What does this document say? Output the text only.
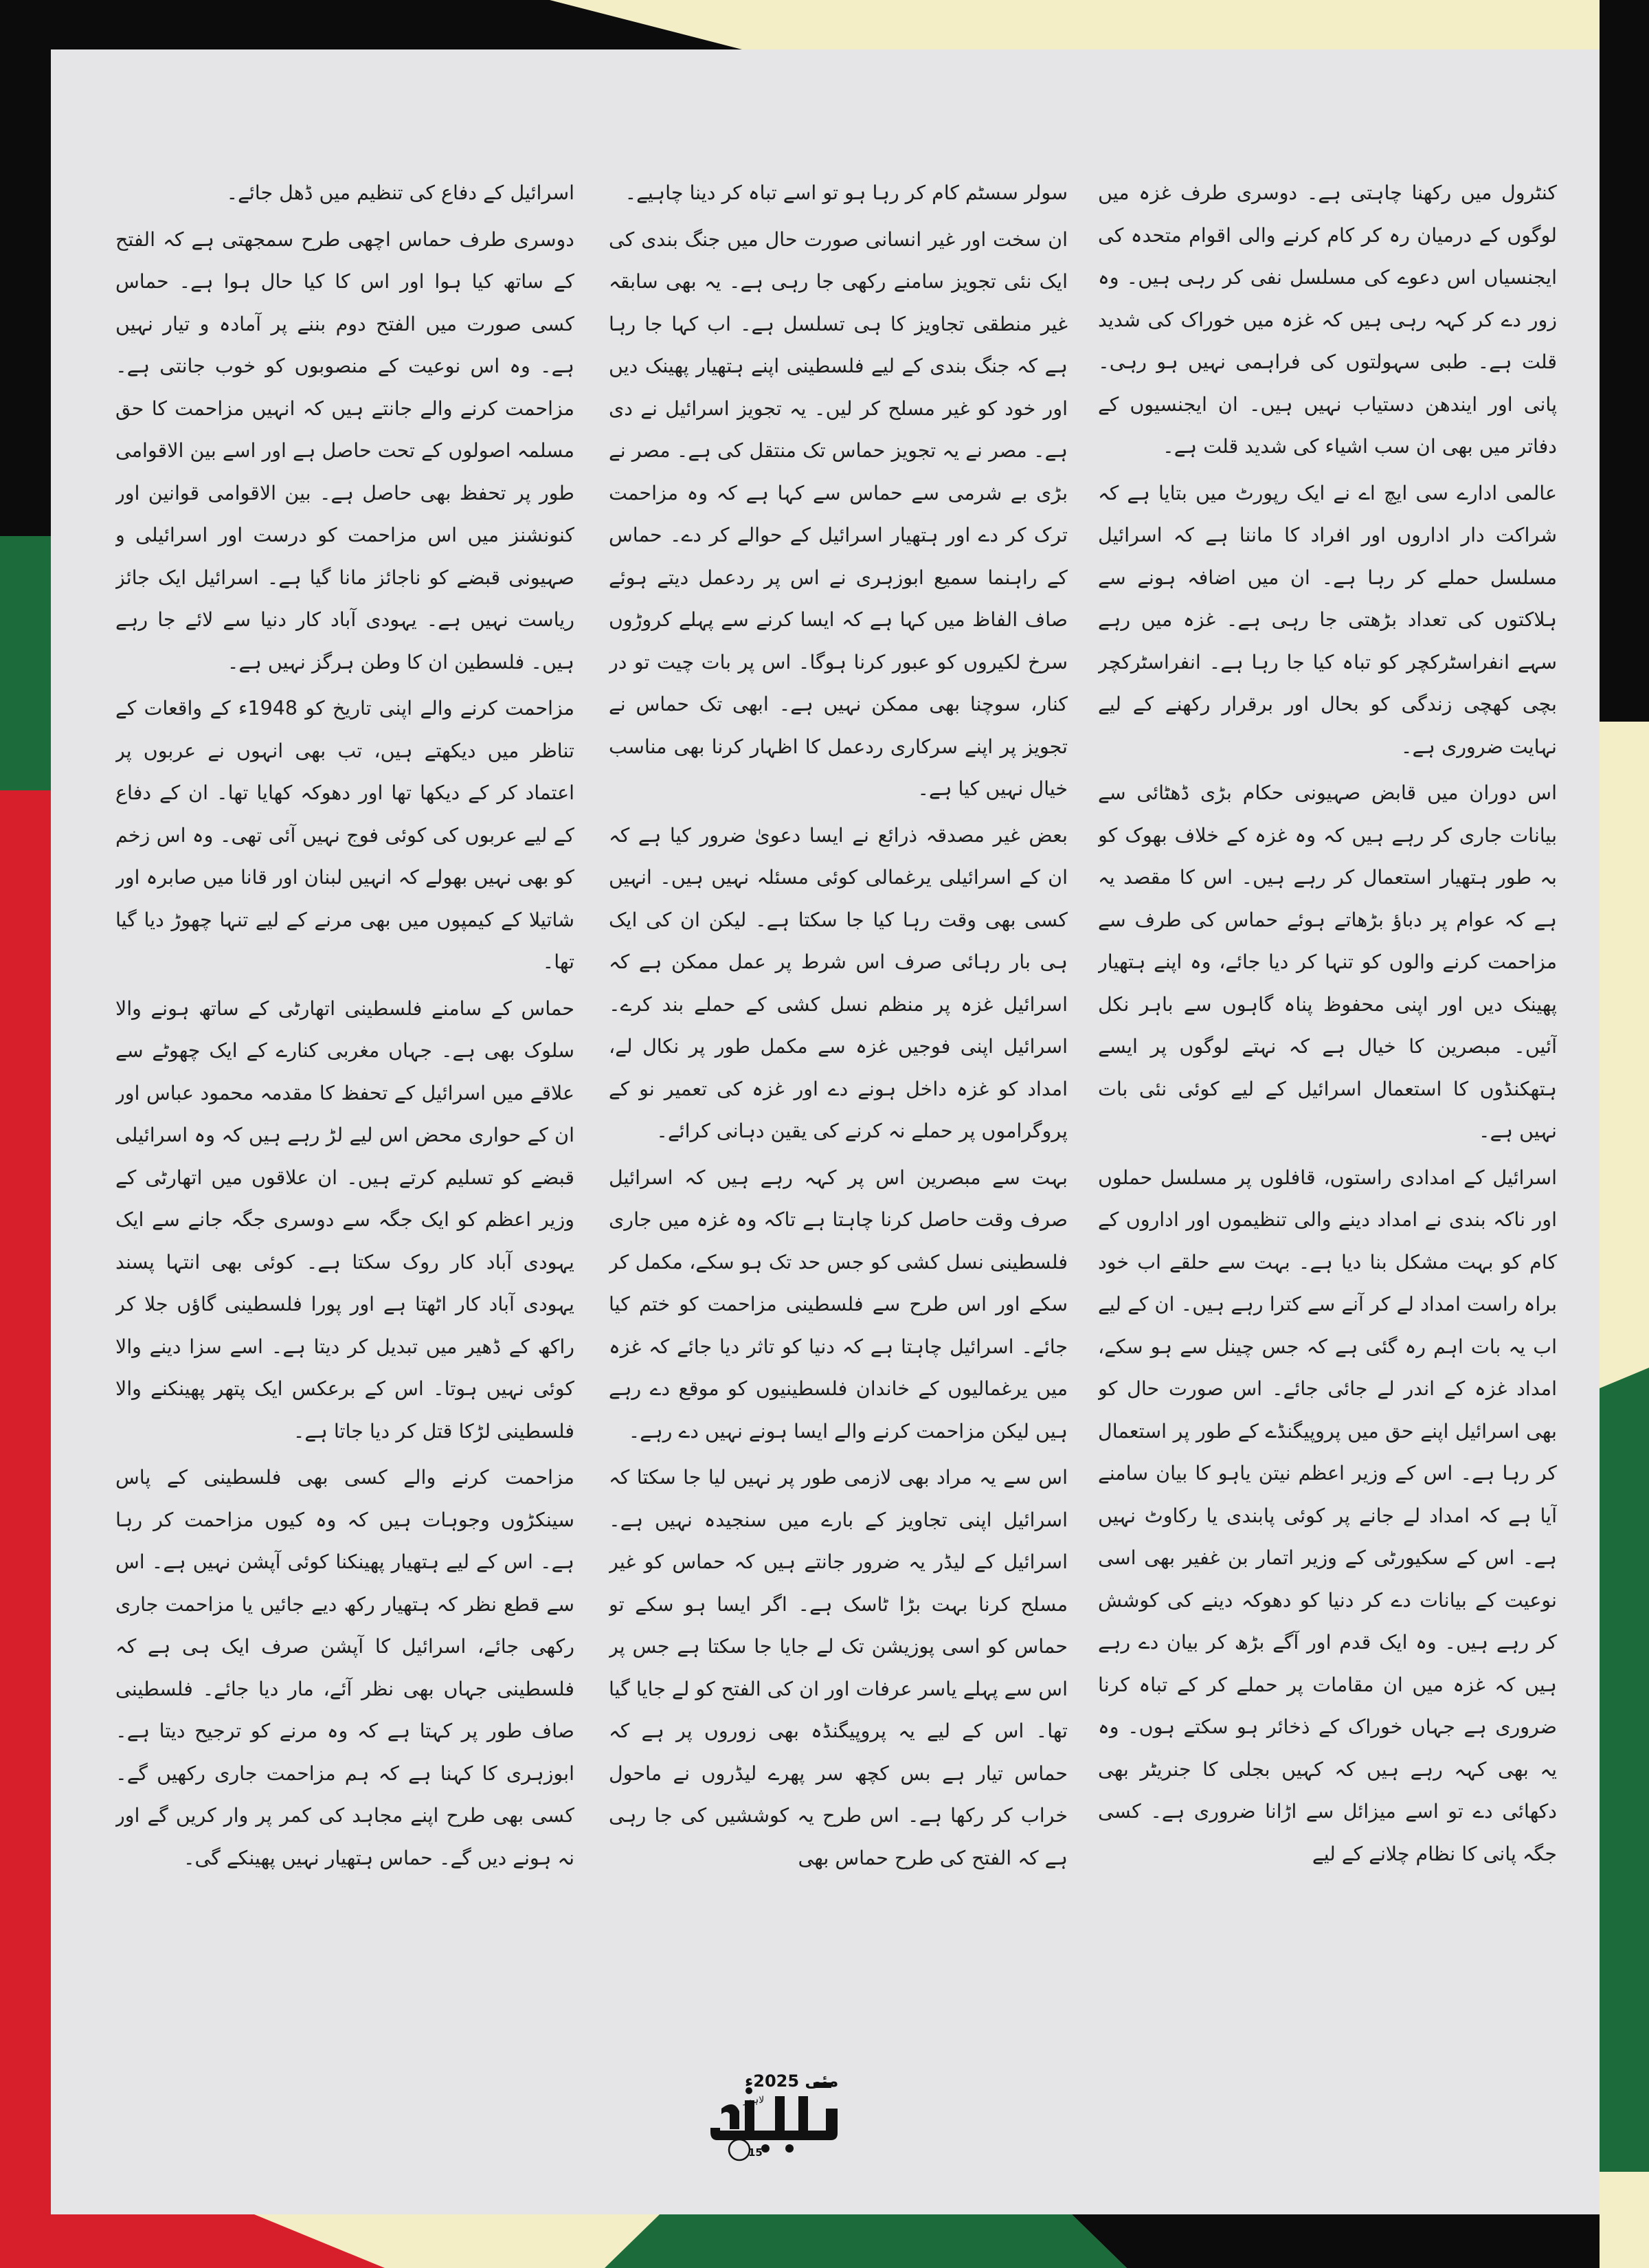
کنٹرول میں رکھنا چاہتی ہے۔ دوسری طرف غزہ میں لوگوں کے درمیان رہ کر کام کرنے والی اقوام متحدہ کی ایجنسیاں اس دعوے کی مسلسل نفی کر رہی ہیں۔ وہ زور دے کر کہہ رہی ہیں کہ غزہ میں خوراک کی شدید قلت ہے۔ طبی سہولتوں کی فراہمی نہیں ہو رہی۔ پانی اور ایندھن دستیاب نہیں ہیں۔ ان ایجنسیوں کے دفاتر میں بھی ان سب اشیاء کی شدید قلت ہے۔

عالمی ادارے سی ایچ اے نے ایک رپورٹ میں بتایا ہے کہ شراکت دار اداروں اور افراد کا ماننا ہے کہ اسرائیل مسلسل حملے کر رہا ہے۔ ان میں اضافہ ہونے سے ہلاکتوں کی تعداد بڑھتی جا رہی ہے۔ غزہ میں رہے سہے انفراسٹرکچر کو تباہ کیا جا رہا ہے۔ انفراسٹرکچر بچی کھچی زندگی کو بحال اور برقرار رکھنے کے لیے نہایت ضروری ہے۔

اس دوران میں قابض صہیونی حکام بڑی ڈھٹائی سے بیانات جاری کر رہے ہیں کہ وہ غزہ کے خلاف بھوک کو بہ طور ہتھیار استعمال کر رہے ہیں۔ اس کا مقصد یہ ہے کہ عوام پر دباؤ بڑھاتے ہوئے حماس کی طرف سے مزاحمت کرنے والوں کو تنہا کر دیا جائے، وہ اپنے ہتھیار پھینک دیں اور اپنی محفوظ پناہ گاہوں سے باہر نکل آئیں۔ مبصرین کا خیال ہے کہ نہتے لوگوں پر ایسے ہتھکنڈوں کا استعمال اسرائیل کے لیے کوئی نئی بات نہیں ہے۔

اسرائیل کے امدادی راستوں، قافلوں پر مسلسل حملوں اور ناکہ بندی نے امداد دینے والی تنظیموں اور اداروں کے کام کو بہت مشکل بنا دیا ہے۔ بہت سے حلقے اب خود براہ راست امداد لے کر آنے سے کترا رہے ہیں۔ ان کے لیے اب یہ بات اہم رہ گئی ہے کہ جس چینل سے ہو سکے، امداد غزہ کے اندر لے جائی جائے۔ اس صورت حال کو بھی اسرائیل اپنے حق میں پروپیگنڈے کے طور پر استعمال کر رہا ہے۔ اس کے وزیر اعظم نیتن یاہو کا بیان سامنے آیا ہے کہ امداد لے جانے پر کوئی پابندی یا رکاوٹ نہیں ہے۔ اس کے سکیورٹی کے وزیر اتمار بن غفیر بھی اسی نوعیت کے بیانات دے کر دنیا کو دھوکہ دینے کی کوشش کر رہے ہیں۔ وہ ایک قدم اور آگے بڑھ کر بیان دے رہے ہیں کہ غزہ میں ان مقامات پر حملے کر کے تباہ کرنا ضروری ہے جہاں خوراک کے ذخائر ہو سکتے ہوں۔ وہ یہ بھی کہہ رہے ہیں کہ کہیں بجلی کا جنریٹر بھی دکھائی دے تو اسے میزائل سے اڑانا ضروری ہے۔ کسی جگہ پانی کا نظام چلانے کے لیے

سولر سسٹم کام کر رہا ہو تو اسے تباہ کر دینا چاہیے۔

ان سخت اور غیر انسانی صورت حال میں جنگ بندی کی ایک نئی تجویز سامنے رکھی جا رہی ہے۔ یہ بھی سابقہ غیر منطقی تجاویز کا ہی تسلسل ہے۔ اب کہا جا رہا ہے کہ جنگ بندی کے لیے فلسطینی اپنے ہتھیار پھینک دیں اور خود کو غیر مسلح کر لیں۔ یہ تجویز اسرائیل نے دی ہے۔ مصر نے یہ تجویز حماس تک منتقل کی ہے۔ مصر نے بڑی بے شرمی سے حماس سے کہا ہے کہ وہ مزاحمت ترک کر دے اور ہتھیار اسرائیل کے حوالے کر دے۔ حماس کے راہنما سمیع ابوزہری نے اس پر ردعمل دیتے ہوئے صاف الفاظ میں کہا ہے کہ ایسا کرنے سے پہلے کروڑوں سرخ لکیروں کو عبور کرنا ہوگا۔ اس پر بات چیت تو در کنار، سوچنا بھی ممکن نہیں ہے۔ ابھی تک حماس نے تجویز پر اپنے سرکاری ردعمل کا اظہار کرنا بھی مناسب خیال نہیں کیا ہے۔

بعض غیر مصدقہ ذرائع نے ایسا دعویٰ ضرور کیا ہے کہ ان کے اسرائیلی یرغمالی کوئی مسئلہ نہیں ہیں۔ انہیں کسی بھی وقت رہا کیا جا سکتا ہے۔ لیکن ان کی ایک ہی بار رہائی صرف اس شرط پر عمل ممکن ہے کہ اسرائیل غزہ پر منظم نسل کشی کے حملے بند کرے۔ اسرائیل اپنی فوجیں غزہ سے مکمل طور پر نکال لے، امداد کو غزہ داخل ہونے دے اور غزہ کی تعمیر نو کے پروگراموں پر حملے نہ کرنے کی یقین دہانی کرائے۔

بہت سے مبصرین اس پر کہہ رہے ہیں کہ اسرائیل صرف وقت حاصل کرنا چاہتا ہے تاکہ وہ غزہ میں جاری فلسطینی نسل کشی کو جس حد تک ہو سکے، مکمل کر سکے اور اس طرح سے فلسطینی مزاحمت کو ختم کیا جائے۔ اسرائیل چاہتا ہے کہ دنیا کو تاثر دیا جائے کہ غزہ میں یرغمالیوں کے خاندان فلسطینیوں کو موقع دے رہے ہیں لیکن مزاحمت کرنے والے ایسا ہونے نہیں دے رہے۔

اس سے یہ مراد بھی لازمی طور پر نہیں لیا جا سکتا کہ اسرائیل اپنی تجاویز کے بارے میں سنجیدہ نہیں ہے۔ اسرائیل کے لیڈر یہ ضرور جانتے ہیں کہ حماس کو غیر مسلح کرنا بہت بڑا ٹاسک ہے۔ اگر ایسا ہو سکے تو حماس کو اسی پوزیشن تک لے جایا جا سکتا ہے جس پر اس سے پہلے یاسر عرفات اور ان کی الفتح کو لے جایا گیا تھا۔ اس کے لیے یہ پروپیگنڈہ بھی زوروں پر ہے کہ حماس تیار ہے بس کچھ سر پھرے لیڈروں نے ماحول خراب کر رکھا ہے۔ اس طرح یہ کوششیں کی جا رہی ہے کہ الفتح کی طرح حماس بھی

اسرائیل کے دفاع کی تنظیم میں ڈھل جائے۔

دوسری طرف حماس اچھی طرح سمجھتی ہے کہ الفتح کے ساتھ کیا ہوا اور اس کا کیا حال ہوا ہے۔ حماس کسی صورت میں الفتح دوم بننے پر آمادہ و تیار نہیں ہے۔ وہ اس نوعیت کے منصوبوں کو خوب جانتی ہے۔ مزاحمت کرنے والے جانتے ہیں کہ انہیں مزاحمت کا حق مسلمہ اصولوں کے تحت حاصل ہے اور اسے بین الاقوامی طور پر تحفظ بھی حاصل ہے۔ بین الاقوامی قوانین اور کنونشنز میں اس مزاحمت کو درست اور اسرائیلی و صہیونی قبضے کو ناجائز مانا گیا ہے۔ اسرائیل ایک جائز ریاست نہیں ہے۔ یہودی آباد کار دنیا سے لائے جا رہے ہیں۔ فلسطین ان کا وطن ہرگز نہیں ہے۔

مزاحمت کرنے والے اپنی تاریخ کو 1948ء کے واقعات کے تناظر میں دیکھتے ہیں، تب بھی انہوں نے عربوں پر اعتماد کر کے دیکھا تھا اور دھوکہ کھایا تھا۔ ان کے دفاع کے لیے عربوں کی کوئی فوج نہیں آئی تھی۔ وہ اس زخم کو بھی نہیں بھولے کہ انہیں لبنان اور قانا میں صابرہ اور شاتیلا کے کیمپوں میں بھی مرنے کے لیے تنہا چھوڑ دیا گیا تھا۔

حماس کے سامنے فلسطینی اتھارٹی کے ساتھ ہونے والا سلوک بھی ہے۔ جہاں مغربی کنارے کے ایک چھوٹے سے علاقے میں اسرائیل کے تحفظ کا مقدمہ محمود عباس اور ان کے حواری محض اس لیے لڑ رہے ہیں کہ وہ اسرائیلی قبضے کو تسلیم کرتے ہیں۔ ان علاقوں میں اتھارٹی کے وزیر اعظم کو ایک جگہ سے دوسری جگہ جانے سے ایک یہودی آباد کار روک سکتا ہے۔ کوئی بھی انتہا پسند یہودی آباد کار اٹھتا ہے اور پورا فلسطینی گاؤں جلا کر راکھ کے ڈھیر میں تبدیل کر دیتا ہے۔ اسے سزا دینے والا کوئی نہیں ہوتا۔ اس کے برعکس ایک پتھر پھینکنے والا فلسطینی لڑکا قتل کر دیا جاتا ہے۔

مزاحمت کرنے والے کسی بھی فلسطینی کے پاس سینکڑوں وجوہات ہیں کہ وہ کیوں مزاحمت کر رہا ہے۔ اس کے لیے ہتھیار پھینکنا کوئی آپشن نہیں ہے۔ اس سے قطع نظر کہ ہتھیار رکھ دیے جائیں یا مزاحمت جاری رکھی جائے، اسرائیل کا آپشن صرف ایک ہی ہے کہ فلسطینی جہاں بھی نظر آئے، مار دیا جائے۔ فلسطینی صاف طور پر کہتا ہے کہ وہ مرنے کو ترجیح دیتا ہے۔ ابوزہری کا کہنا ہے کہ ہم مزاحمت جاری رکھیں گے۔ کسی بھی طرح اپنے مجاہد کی کمر پر وار کریں گے اور نہ ہونے دیں گے۔ حماس ہتھیار نہیں پھینکے گی۔

مئی 2025ء
لاہور
15
